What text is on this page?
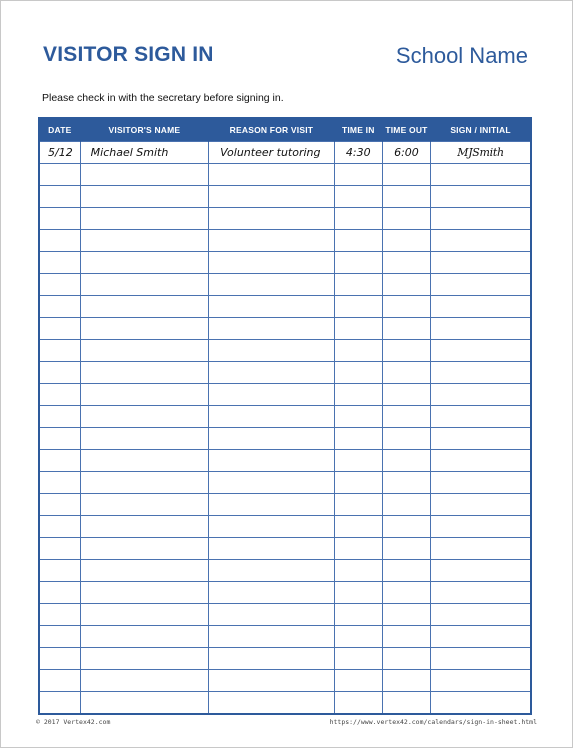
VISITOR SIGN IN	School Name
Please check in with the secretary before signing in.
DATE	VISITOR'S NAME	REASON FOR VISIT	TIME IN	TIME OUT	SIGN / INITIAL
5/12	Michael Smith	Volunteer tutoring	4:30	6:00	MJSmith

© 2017 Vertex42.com	https://www.vertex42.com/calendars/sign-in-sheet.html
